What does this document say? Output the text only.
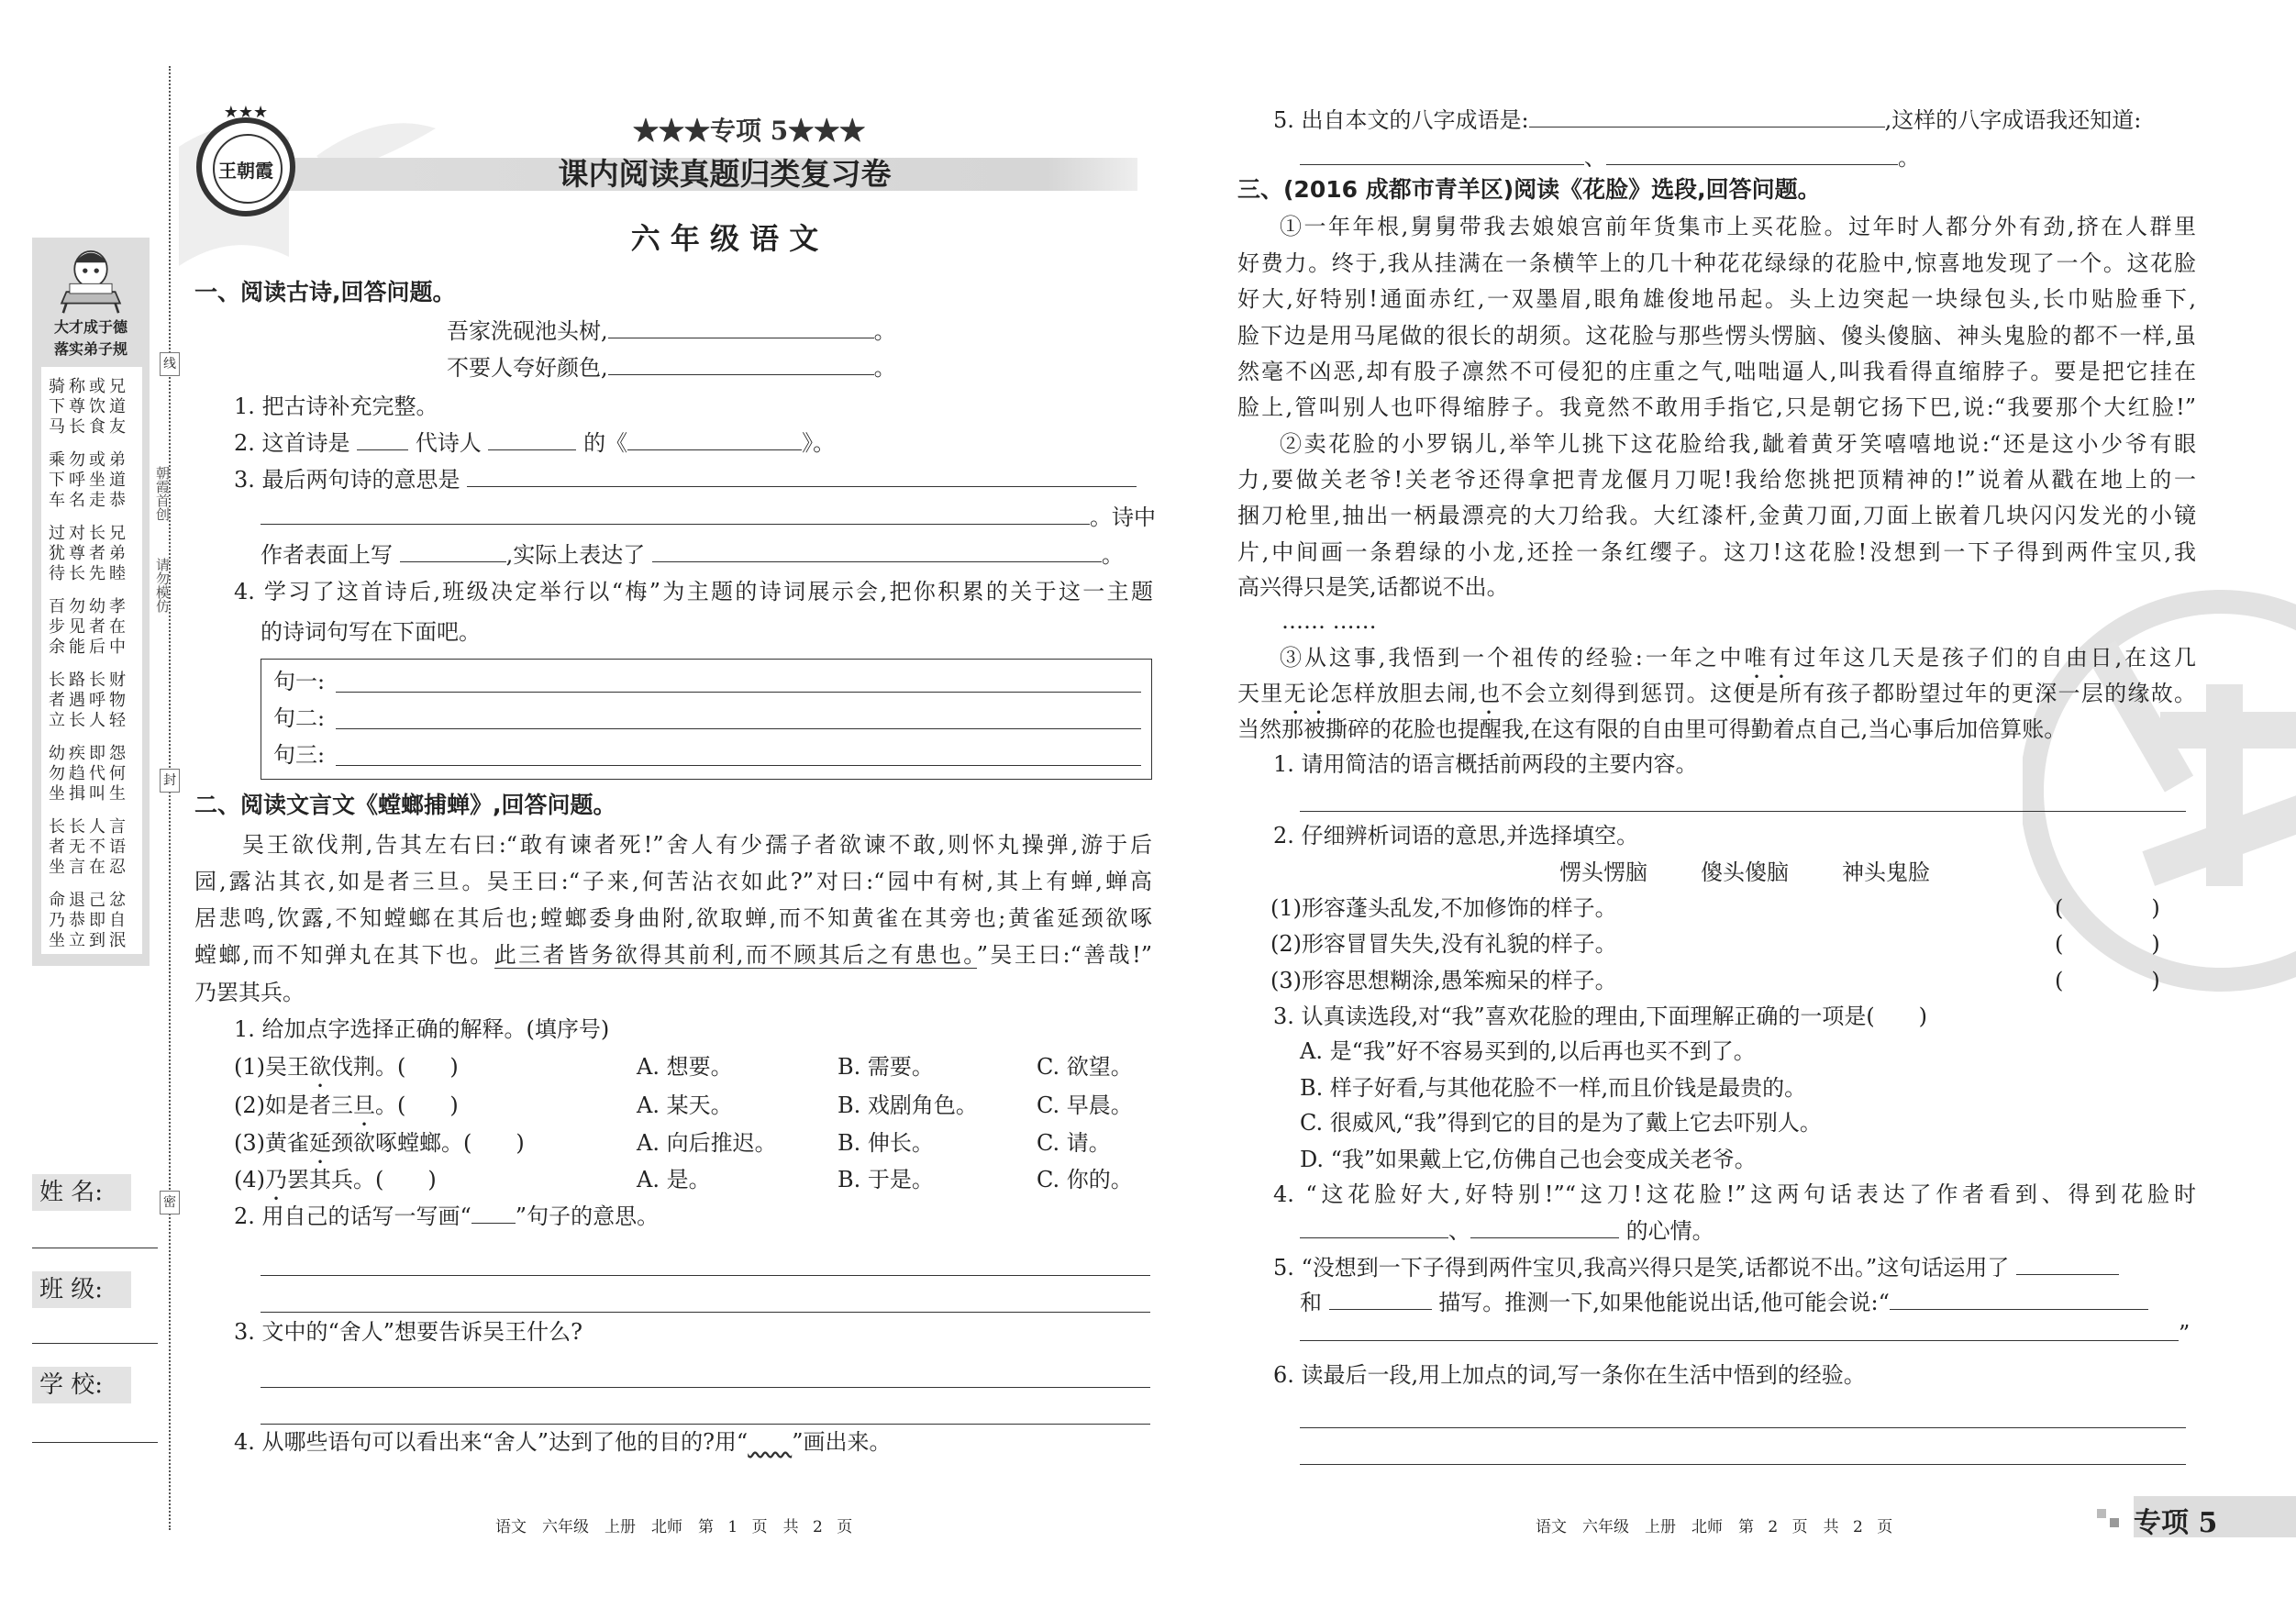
大才成于德
落实弟子规
骑称或兄
下尊饮道
马长食友
乘勿或弟
下呼坐道
车名走恭
过对长兄
犹尊者弟
待长先睦
百勿幼孝
步见者在
余能后中
长路长财
者遇呼物
立长人轻
幼疾即怨
勿趋代何
坐揖叫生
长长人言
者无不语
坐言在忍
命退己忿
乃恭即自
坐立到泯
线
封
密
朝霞首创
请勿模仿
姓 名:
班 级:
学 校:
王朝霞
★★★
★★★专项 5★★★
课内阅读真题归类复习卷
六 年 级 语 文
一、阅读古诗,回答问题。
吾家洗砚池头树,	。
不要人夸好颜色,	。
1. 把古诗补充完整。
2. 这首诗是	代诗人	的《	》。
3. 最后两句诗的意思是
。诗中
作者表面上写	,实际上表达了	。
4. 学习了这首诗后,班级决定举行以“梅”为主题的诗词展示会,把你积累的关于这一主题
的诗词句写在下面吧。
句一:
句二:
句三:
二、阅读文言文《螳螂捕蝉》,回答问题。
吴王欲伐荆,告其左右曰:“敢有谏者死!”舍人有少孺子者欲谏不敢,则怀丸操弹,游于后
园,露沾其衣,如是者三旦。吴王曰:“子来,何苦沾衣如此?”对曰:“园中有树,其上有蝉,蝉高
居悲鸣,饮露,不知螳螂在其后也;螳螂委身曲附,欲取蝉,而不知黄雀在其旁也;黄雀延颈欲啄
螳螂,而不知弹丸在其下也。此三者皆务欲得其前利,而不顾其后之有患也。”吴王曰:“善哉!”
乃罢其兵。
1. 给加点字选择正确的解释。(填序号)
(1)吴王欲伐荆。(　　)	A. 想要。	B. 需要。	C. 欲望。
(2)如是者三旦。(　　)	A. 某天。	B. 戏剧角色。	C. 早晨。
(3)黄雀延颈欲啄螳螂。(　　)	A. 向后推迟。	B. 伸长。	C. 请。
(4)乃罢其兵。(　　)	A. 是。	B. 于是。	C. 你的。
2. 用自己的话写一写画“ ”句子的意思。
3. 文中的“舍人”想要告诉吴王什么?
4. 从哪些语句可以看出来“舍人”达到了他的目的?用“　　 ”画出来。
语文　六年级　上册　北师　第 1 页　共 2 页
5. 出自本文的八字成语是:	,这样的八字成语我还知道:
、	。
三、(2016 成都市青羊区)阅读《花脸》选段,回答问题。
①一年年根,舅舅带我去娘娘宫前年货集市上买花脸。过年时人都分外有劲,挤在人群里
好费力。终于,我从挂满在一条横竿上的几十种花花绿绿的花脸中,惊喜地发现了一个。这花脸
好大,好特别!通面赤红,一双墨眉,眼角雄俊地吊起。头上边突起一块绿包头,长巾贴脸垂下,
脸下边是用马尾做的很长的胡须。这花脸与那些愣头愣脑、傻头傻脑、神头鬼脸的都不一样,虽
然毫不凶恶,却有股子凛然不可侵犯的庄重之气,咄咄逼人,叫我看得直缩脖子。要是把它挂在
脸上,管叫别人也吓得缩脖子。我竟然不敢用手指它,只是朝它扬下巴,说:“我要那个大红脸!”
②卖花脸的小罗锅儿,举竿儿挑下这花脸给我,龇着黄牙笑嘻嘻地说:“还是这小少爷有眼
力,要做关老爷!关老爷还得拿把青龙偃月刀呢!我给您挑把顶精神的!”说着从戳在地上的一
捆刀枪里,抽出一柄最漂亮的大刀给我。大红漆杆,金黄刀面,刀面上嵌着几块闪闪发光的小镜
片,中间画一条碧绿的小龙,还拴一条红缨子。这刀!这花脸!没想到一下子得到两件宝贝,我
高兴得只是笑,话都说不出。
…… ……
③从这事,我悟到一个祖传的经验:一年之中唯有过年这几天是孩子们的自由日,在这几
天里无论怎样放胆去闹,也不会立刻得到惩罚。这便是所有孩子都盼望过年的更深一层的缘故。
当然那被撕碎的花脸也提醒我,在这有限的自由里可得勤着点自己,当心事后加倍算账。
1. 请用简洁的语言概括前两段的主要内容。
2. 仔细辨析词语的意思,并选择填空。
愣头愣脑 傻头傻脑 神头鬼脸
(1)形容蓬头乱发,不加修饰的样子。	(　　　　)
(2)形容冒冒失失,没有礼貌的样子。	(　　　　)
(3)形容思想糊涂,愚笨痴呆的样子。	(　　　　)
3. 认真读选段,对“我”喜欢花脸的理由,下面理解正确的一项是(　　)
A. 是“我”好不容易买到的,以后再也买不到了。
B. 样子好看,与其他花脸不一样,而且价钱是最贵的。
C. 很威风,“我”得到它的目的是为了戴上它去吓别人。
D. “我”如果戴上它,仿佛自己也会变成关老爷。
4. “这花脸好大,好特别!”“这刀!这花脸!”这两句话表达了作者看到、得到花脸时
、	的心情。
5. “没想到一下子得到两件宝贝,我高兴得只是笑,话都说不出。”这句话运用了
和	描写。推测一下,如果他能说出话,他可能会说:“
”
6. 读最后一段,用上加点的词,写一条你在生活中悟到的经验。
语文　六年级　上册　北师　第 2 页　共 2 页	专项 5
